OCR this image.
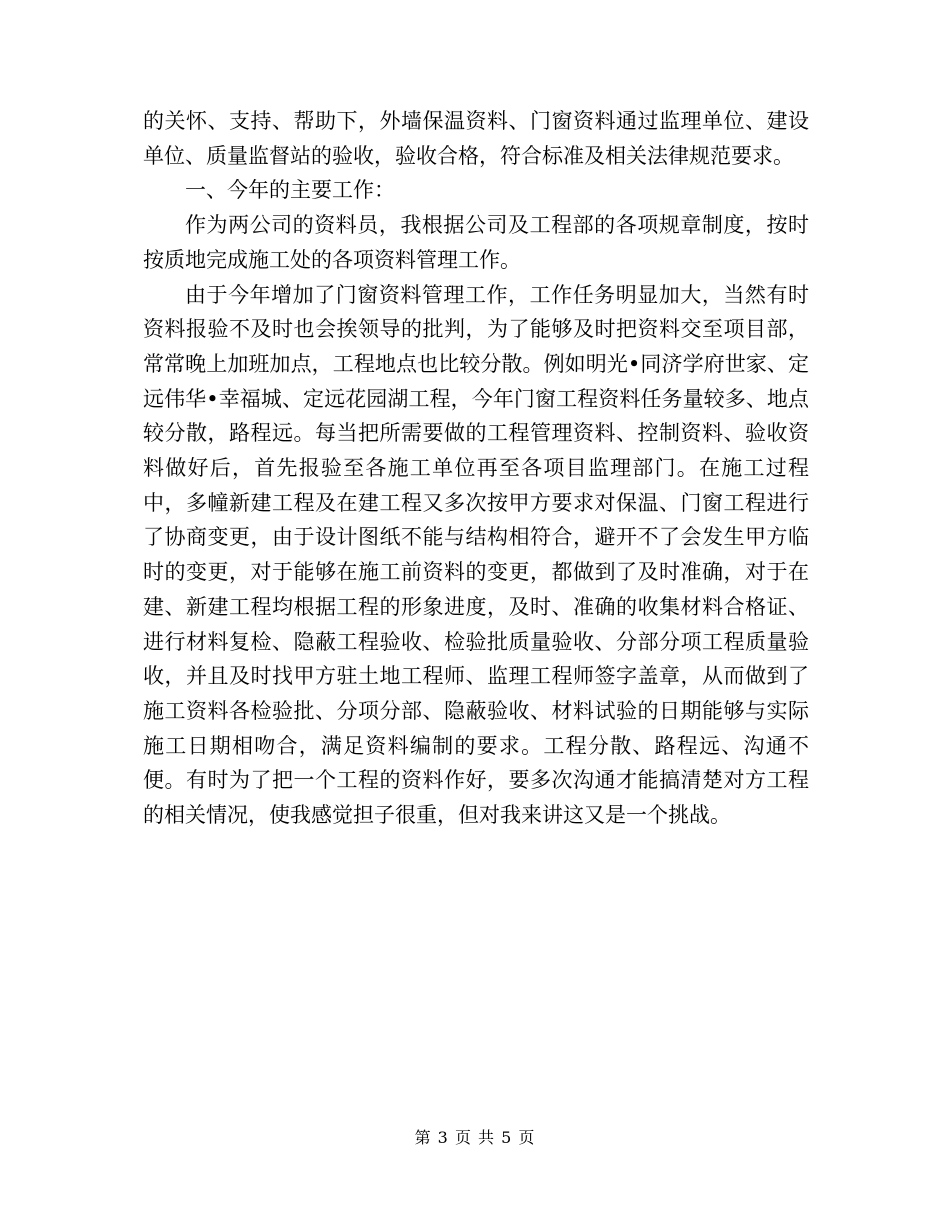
的关怀、支持、帮助下，外墙保温资料、门窗资料通过监理单位、建设单位、质量监督站的验收，验收合格，符合标准及相关法律规范要求。

一、今年的主要工作：

作为两公司的资料员，我根据公司及工程部的各项规章制度，按时按质地完成施工处的各项资料管理工作。

由于今年增加了门窗资料管理工作，工作任务明显加大，当然有时资料报验不及时也会挨领导的批判，为了能够及时把资料交至项目部，常常晚上加班加点，工程地点也比较分散。例如明光•同济学府世家、定远伟华•幸福城、定远花园湖工程，今年门窗工程资料任务量较多、地点较分散，路程远。每当把所需要做的工程管理资料、控制资料、验收资料做好后，首先报验至各施工单位再至各项目监理部门。在施工过程中，多幢新建工程及在建工程又多次按甲方要求对保温、门窗工程进行了协商变更，由于设计图纸不能与结构相符合，避开不了会发生甲方临时的变更，对于能够在施工前资料的变更，都做到了及时准确，对于在建、新建工程均根据工程的形象进度，及时、准确的收集材料合格证、进行材料复检、隐蔽工程验收、检验批质量验收、分部分项工程质量验收，并且及时找甲方驻土地工程师、监理工程师签字盖章，从而做到了施工资料各检验批、分项分部、隐蔽验收、材料试验的日期能够与实际施工日期相吻合，满足资料编制的要求。工程分散、路程远、沟通不便。有时为了把一个工程的资料作好，要多次沟通才能搞清楚对方工程的相关情况，使我感觉担子很重，但对我来讲这又是一个挑战。

第 3 页 共 5 页
